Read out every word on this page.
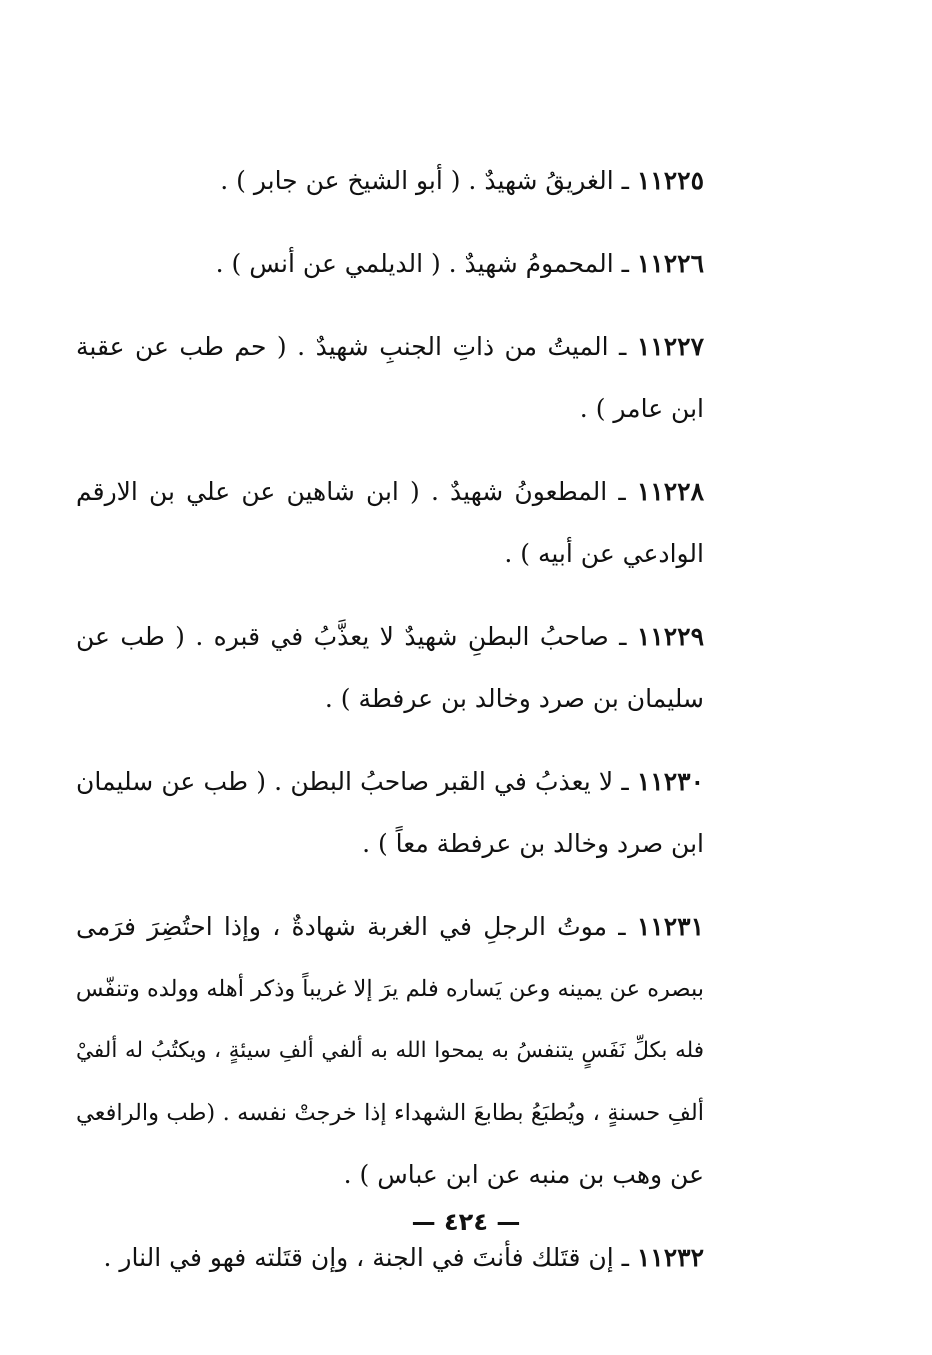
١١٢٢٥ ـ الغريقُ شهيدٌ . ( أبو الشيخ عن جابر ) .
١١٢٢٦ ـ المحمومُ شهيدٌ . ( الديلمي عن أنس ) .
١١٢٢٧ ـ الميتُ من ذاتِ الجنبِ شهيدٌ . ( حم طب عن عقبة
ابن عامر ) .
١١٢٢٨ ـ المطعونُ شهيدٌ . ( ابن شاهين عن علي بن الارقم
الوادعي عن أبيه ) .
١١٢٢٩ ـ صاحبُ البطنِ شهيدٌ لا يعذَّبُ في قبره . ( طب عن
سليمان بن صرد وخالد بن عرفطة ) .
١١٢٣٠ ـ لا يعذبُ في القبر صاحبُ البطن . ( طب عن سليمان
ابن صرد وخالد بن عرفطة معاً ) .
١١٢٣١ ـ موتُ الرجلِ في الغربة شهادةٌ ، وإذا احتُضِرَ فرَمى
ببصره عن يمينه وعن يَساره فلم يرَ إلا غريباً وذكر أهله وولده وتنفّس
فله بكلِّ نَفَسٍ يتنفسُ به يمحوا الله به ألفي ألفِ سيئةٍ ، ويكتُبُ له ألفيْ
ألفِ حسنةٍ ، ويُطبَعُ بطابعَ الشهداء إذا خرجتْ نفسه . (طب والرافعي
عن وهب بن منبه عن ابن عباس ) .
١١٢٣٢ ـ إن قتَلك فأنتَ في الجنة ، وإن قتَلته فهو في النار .
— ٤٢٤ —
